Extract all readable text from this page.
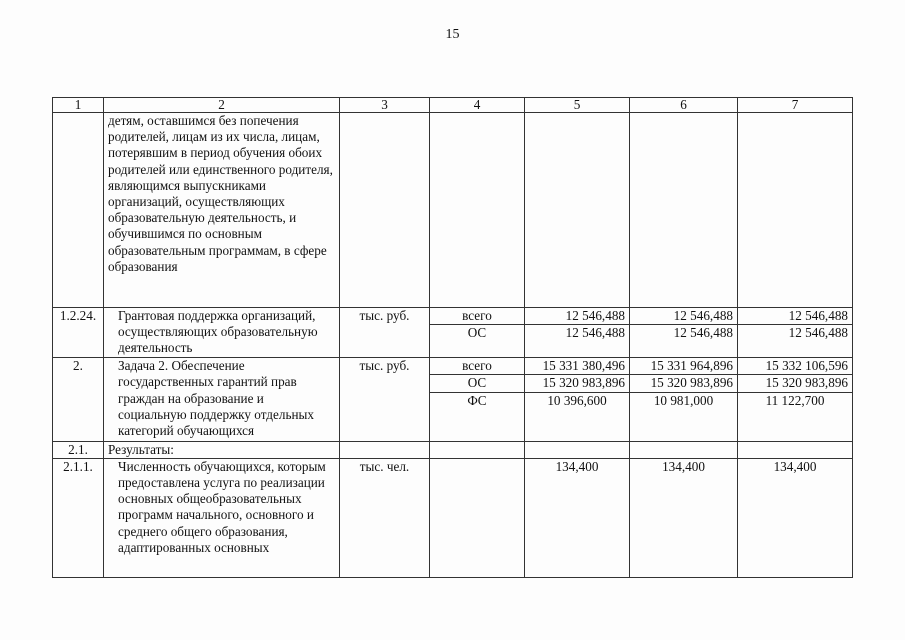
15
1	2	3	4	5	6	7
	детям, оставшимся без попечения родителей, лицам из их числа, лицам, потерявшим в период обучения обоих родителей или единственного родителя, являющимся выпускниками организаций, осуществляющих образовательную деятельность, и обучившимся по основным образовательным программам, в сфере образования					
1.2.24.	Грантовая поддержка организаций, осуществляющих образовательную деятельность	тыс. руб.	всего	12 546,488	12 546,488	12 546,488
			ОС	12 546,488	12 546,488	12 546,488
2.	Задача 2. Обеспечение государственных гарантий прав граждан на образование и социальную поддержку отдельных категорий обучающихся	тыс. руб.	всего	15 331 380,496	15 331 964,896	15 332 106,596
			ОС	15 320 983,896	15 320 983,896	15 320 983,896
			ФС	10 396,600	10 981,000	11 122,700
2.1.	Результаты:					
2.1.1.	Численность обучающихся, которым предоставлена услуга по реализации основных общеобразовательных программ начального, основного и среднего общего образования, адаптированных основных	тыс. чел.		134,400	134,400	134,400
